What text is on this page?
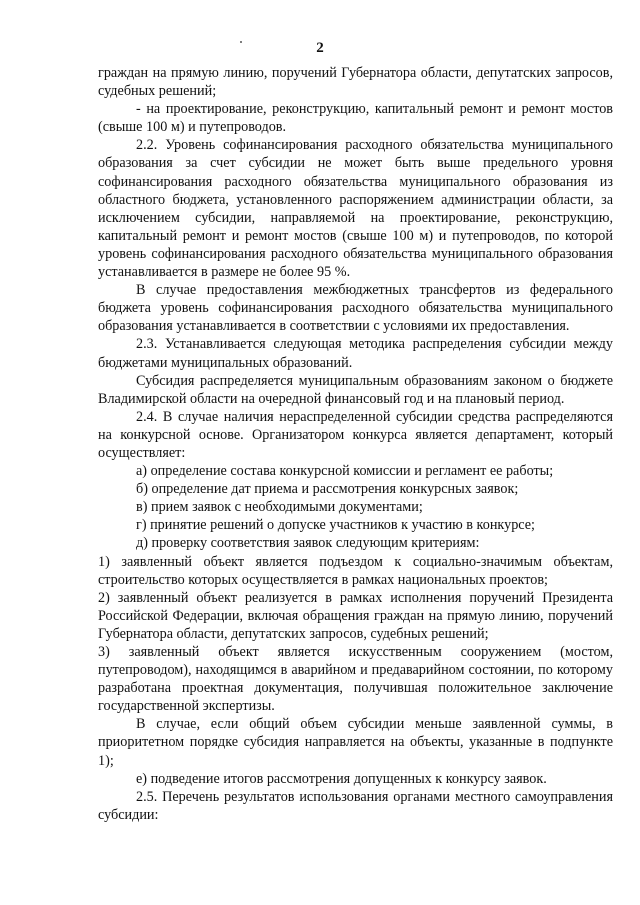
2

граждан на прямую линию, поручений Губернатора области, депутатских запросов, судебных решений;

- на проектирование, реконструкцию, капитальный ремонт и ремонт мостов (свыше 100 м) и путепроводов.

2.2. Уровень софинансирования расходного обязательства муниципального образования за счет субсидии не может быть выше предельного уровня софинансирования расходного обязательства муниципального образования из областного бюджета, установленного распоряжением администрации области, за исключением субсидии, направляемой на проектирование, реконструкцию, капитальный ремонт и ремонт мостов (свыше 100 м) и путепроводов, по которой уровень софинансирования расходного обязательства муниципального образования устанавливается в размере не более 95 %.

В случае предоставления межбюджетных трансфертов из федерального бюджета уровень софинансирования расходного обязательства муниципального образования устанавливается в соответствии с условиями их предоставления.

2.3. Устанавливается следующая методика распределения субсидии между бюджетами муниципальных образований.

Субсидия распределяется муниципальным образованиям законом о бюджете Владимирской области на очередной финансовый год и на плановый период.

2.4. В случае наличия нераспределенной субсидии средства распределяются на конкурсной основе. Организатором конкурса является департамент, который осуществляет:

а) определение состава конкурсной комиссии и регламент ее работы;

б) определение дат приема и рассмотрения конкурсных заявок;

в) прием заявок с необходимыми документами;

г) принятие решений о допуске участников к участию в конкурсе;

д) проверку соответствия заявок следующим критериям:

1) заявленный объект является подъездом к социально-значимым объектам, строительство которых осуществляется в рамках национальных проектов;

2) заявленный объект реализуется в рамках исполнения поручений Президента Российской Федерации, включая обращения граждан на прямую линию, поручений Губернатора области, депутатских запросов, судебных решений;

3) заявленный объект является искусственным сооружением (мостом, путепроводом), находящимся в аварийном и предаварийном состоянии, по которому разработана проектная документация, получившая положительное заключение государственной экспертизы.

В случае, если общий объем субсидии меньше заявленной суммы, в приоритетном порядке субсидия направляется на объекты, указанные в подпункте 1);

е) подведение итогов рассмотрения допущенных к конкурсу заявок.

2.5. Перечень результатов использования органами местного самоуправления субсидии:
